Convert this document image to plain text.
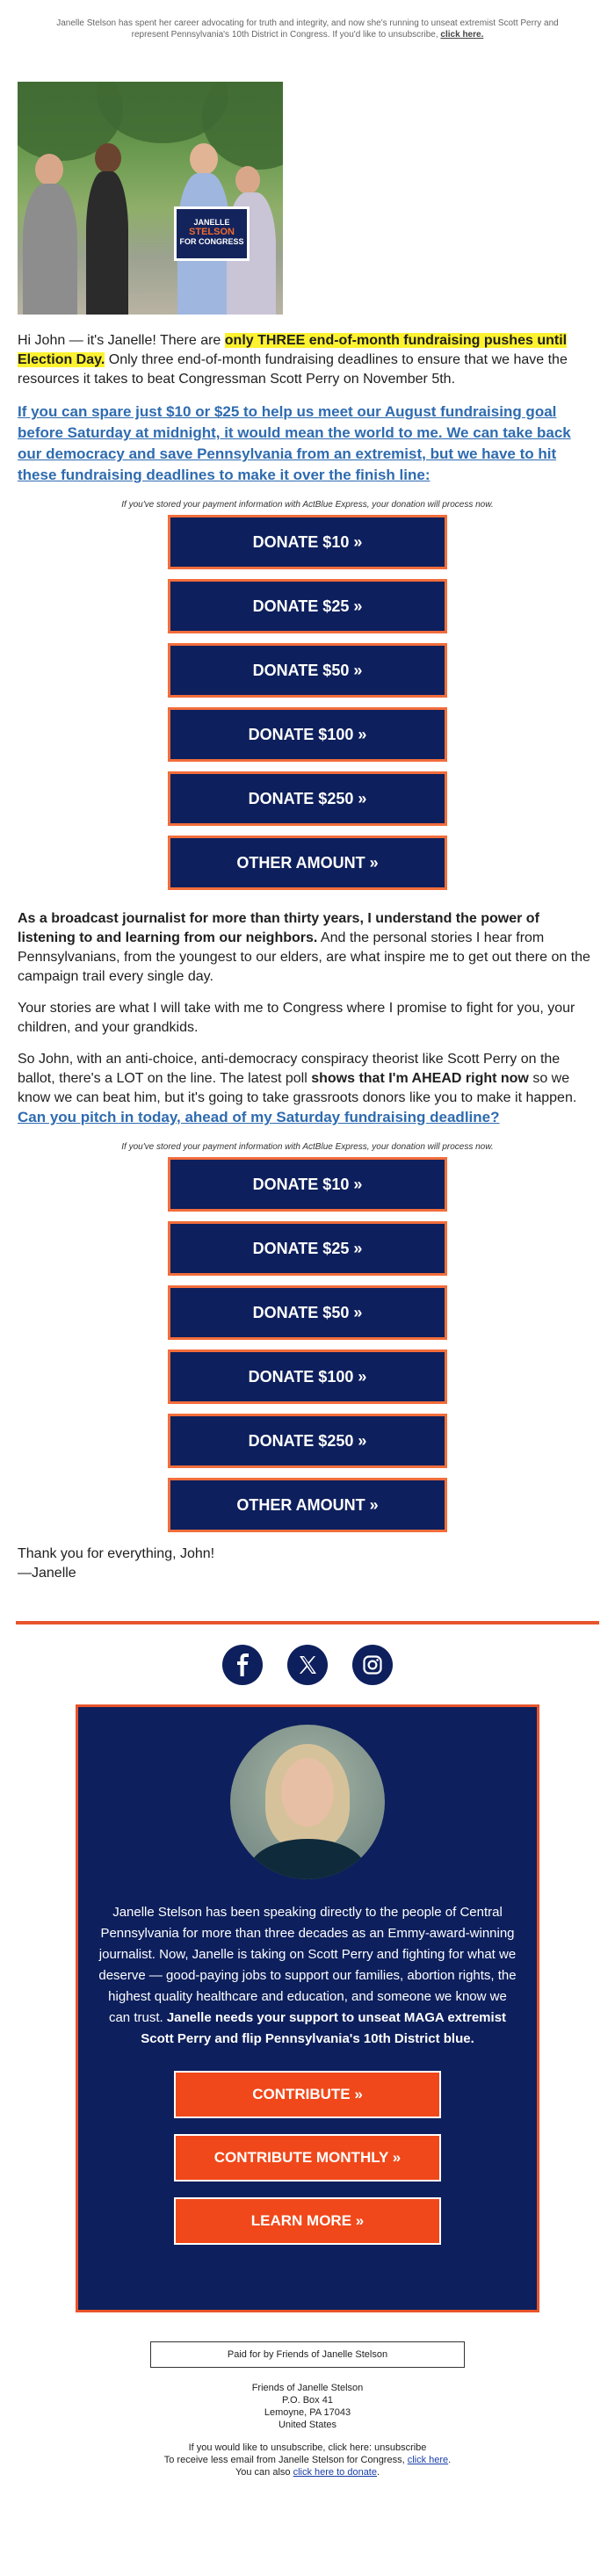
Janelle Stelson has spent her career advocating for truth and integrity, and now she's running to unseat extremist Scott Perry and represent Pennsylvania's 10th District in Congress. If you'd like to unsubscribe, click here.
JANELLE
STELSON
FOR CONGRESS

Hi John — it's Janelle! There are only THREE end-of-month fundraising pushes until Election Day. Only three end-of-month fundraising deadlines to ensure that we have the resources it takes to beat Congressman Scott Perry on November 5th.

If you can spare just $10 or $25 to help us meet our August fundraising goal before Saturday at midnight, it would mean the world to me. We can take back our democracy and save Pennsylvania from an extremist, but we have to hit these fundraising deadlines to make it over the finish line:

If you've stored your payment information with ActBlue Express, your donation will process now.
DONATE $10 »
DONATE $25 »
DONATE $50 »
DONATE $100 »
DONATE $250 »
OTHER AMOUNT »

As a broadcast journalist for more than thirty years, I understand the power of listening to and learning from our neighbors. And the personal stories I hear from Pennsylvanians, from the youngest to our elders, are what inspire me to get out there on the campaign trail every single day.

Your stories are what I will take with me to Congress where I promise to fight for you, your children, and your grandkids.

So John, with an anti-choice, anti-democracy conspiracy theorist like Scott Perry on the ballot, there's a LOT on the line. The latest poll shows that I'm AHEAD right now so we know we can beat him, but it's going to take grassroots donors like you to make it happen. Can you pitch in today, ahead of my Saturday fundraising deadline?

If you've stored your payment information with ActBlue Express, your donation will process now.
DONATE $10 »
DONATE $25 »
DONATE $50 »
DONATE $100 »
DONATE $250 »
OTHER AMOUNT »
Thank you for everything, John!
—Janelle
Janelle Stelson has been speaking directly to the people of Central Pennsylvania for more than three decades as an Emmy-award-winning journalist. Now, Janelle is taking on Scott Perry and fighting for what we deserve — good-paying jobs to support our families, abortion rights, the highest quality healthcare and education, and someone we know we can trust. Janelle needs your support to unseat MAGA extremist Scott Perry and flip Pennsylvania's 10th District blue.
CONTRIBUTE »
CONTRIBUTE MONTHLY »
LEARN MORE »
Paid for by Friends of Janelle Stelson
Friends of Janelle Stelson
P.O. Box 41
Lemoyne, PA 17043
United States
If you would like to unsubscribe, click here: unsubscribe
To receive less email from Janelle Stelson for Congress, click here.
You can also click here to donate.
